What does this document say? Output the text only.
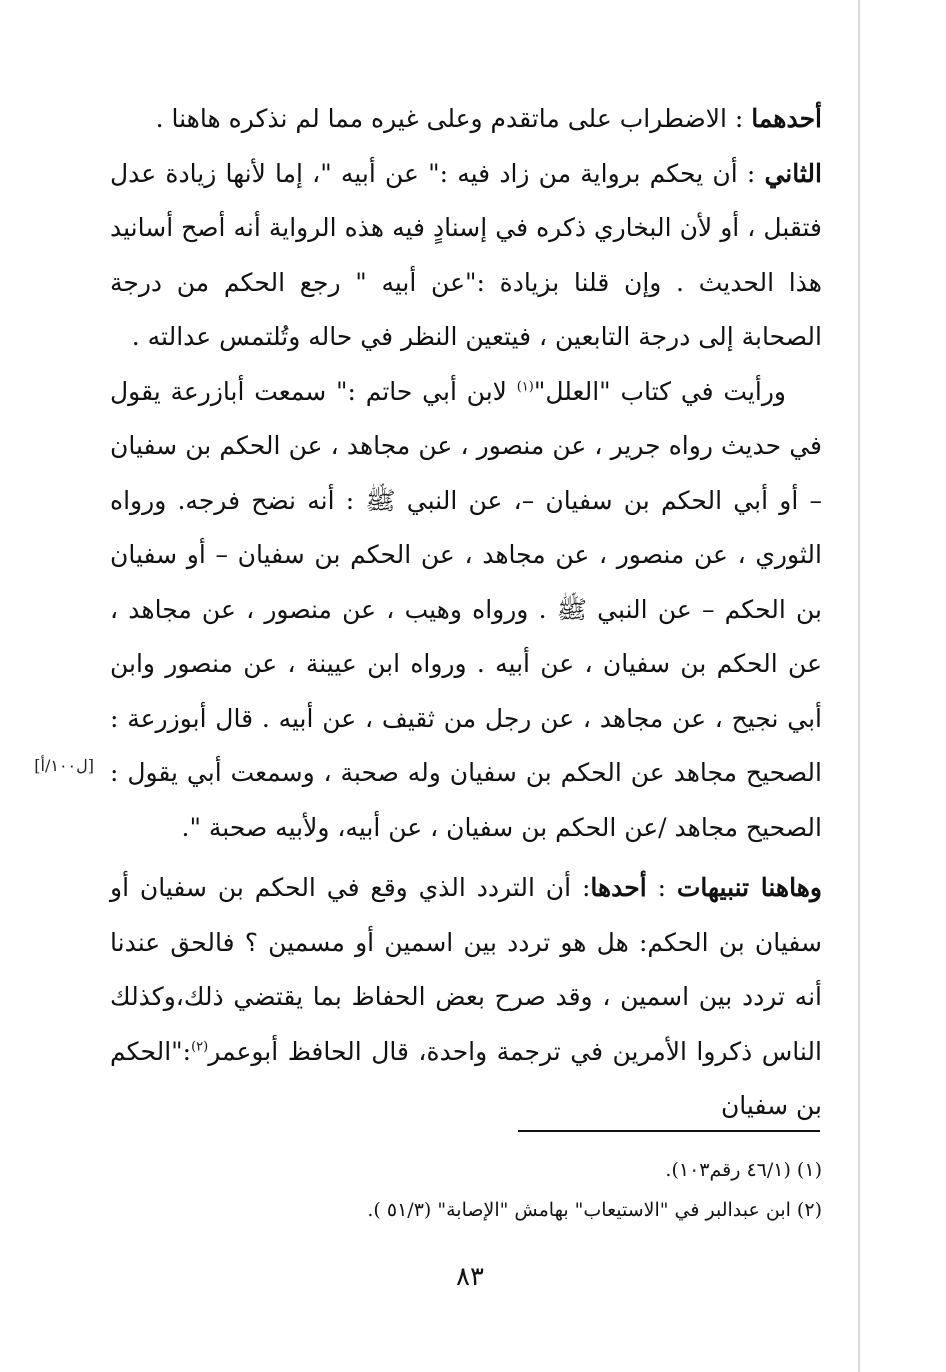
أحدهما : الاضطراب على ماتقدم وعلى غيره مما لم نذكره هاهنا .

الثاني : أن يحكم برواية من زاد فيه :" عن أبيه "، إما لأنها زيادة عدل فتقبل ، أو لأن البخاري ذكره في إسنادٍ فيه هذه الرواية أنه أصح أسانيد هذا الحديث . وإن قلنا بزيادة :"عن أبيه " رجع الحكم من درجة الصحابة إلى درجة التابعين ، فيتعين النظر في حاله وتُلتمس عدالته .

ورأيت في كتاب "العلل"$^{(١)}$ لابن أبي حاتم :" سمعت أبازرعة يقول في حديث رواه جرير ، عن منصور ، عن مجاهد ، عن الحكم بن سفيان – أو أبي الحكم بن سفيان –، عن النبي ﷺ : أنه نضح فرجه. ورواه الثوري ، عن منصور ، عن مجاهد ، عن الحكم بن سفيان – أو سفيان بن الحكم – عن النبي ﷺ . ورواه وهيب ، عن منصور ، عن مجاهد ، عن الحكم بن سفيان ، عن أبيه . ورواه ابن عيينة ، عن منصور وابن أبي نجيح ، عن مجاهد ، عن رجل من ثقيف ، عن أبيه . قال أبوزرعة : الصحيح مجاهد عن الحكم بن سفيان وله صحبة ، وسمعت أبي يقول : الصحيح مجاهد /عن الحكم بن سفيان ، عن أبيه، ولأبيه صحبة ".

وهاهنا تنبيهات : أحدها: أن التردد الذي وقع في الحكم بن سفيان أو سفيان بن الحكم: هل هو تردد بين اسمين أو مسمين ؟ فالحق عندنا أنه تردد بين اسمين ، وقد صرح بعض الحفاظ بما يقتضي ذلك،وكذلك الناس ذكروا الأمرين في ترجمة واحدة، قال الحافظ أبوعمر$^{(٢)}$:"الحكم بن سفيان

[ل١٠٠/أ]
(١) (٤٦/١ رقم١٠٣).
(٢) ابن عبدالبر في "الاستيعاب" بهامش "الإصابة" (٥١/٣ ).
٨٣
